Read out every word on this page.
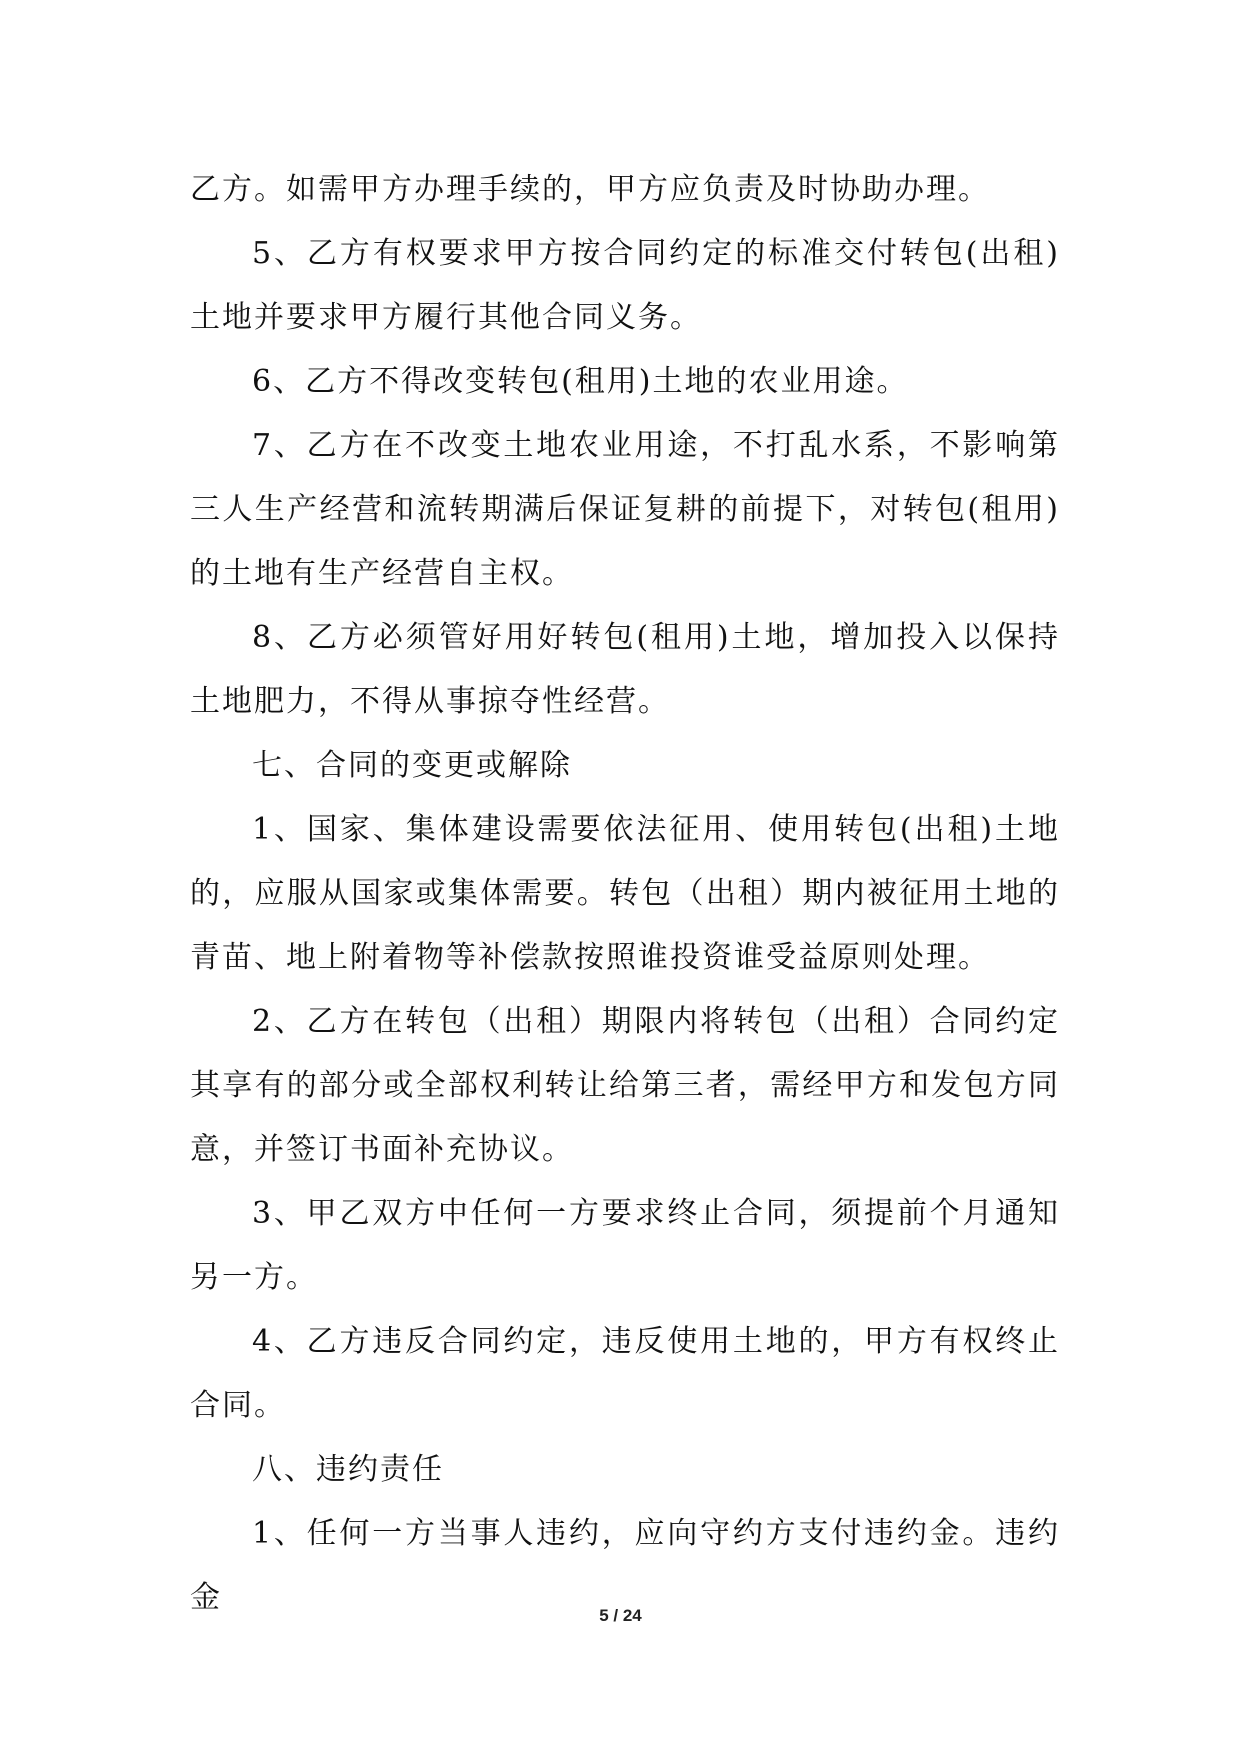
乙方。如需甲方办理手续的，甲方应负责及时协助办理。

5、乙方有权要求甲方按合同约定的标准交付转包(出租)土地并要求甲方履行其他合同义务。

6、乙方不得改变转包(租用)土地的农业用途。

7、乙方在不改变土地农业用途，不打乱水系，不影响第三人生产经营和流转期满后保证复耕的前提下，对转包(租用)的土地有生产经营自主权。

8、乙方必须管好用好转包(租用)土地，增加投入以保持土地肥力，不得从事掠夺性经营。

七、合同的变更或解除

1、国家、集体建设需要依法征用、使用转包(出租)土地的，应服从国家或集体需要。转包（出租）期内被征用土地的青苗、地上附着物等补偿款按照谁投资谁受益原则处理。

2、乙方在转包（出租）期限内将转包（出租）合同约定其享有的部分或全部权利转让给第三者，需经甲方和发包方同意，并签订书面补充协议。

3、甲乙双方中任何一方要求终止合同，须提前个月通知另一方。

4、乙方违反合同约定，违反使用土地的，甲方有权终止合同。

八、违约责任

1、任何一方当事人违约，应向守约方支付违约金。违约金

5 / 24
